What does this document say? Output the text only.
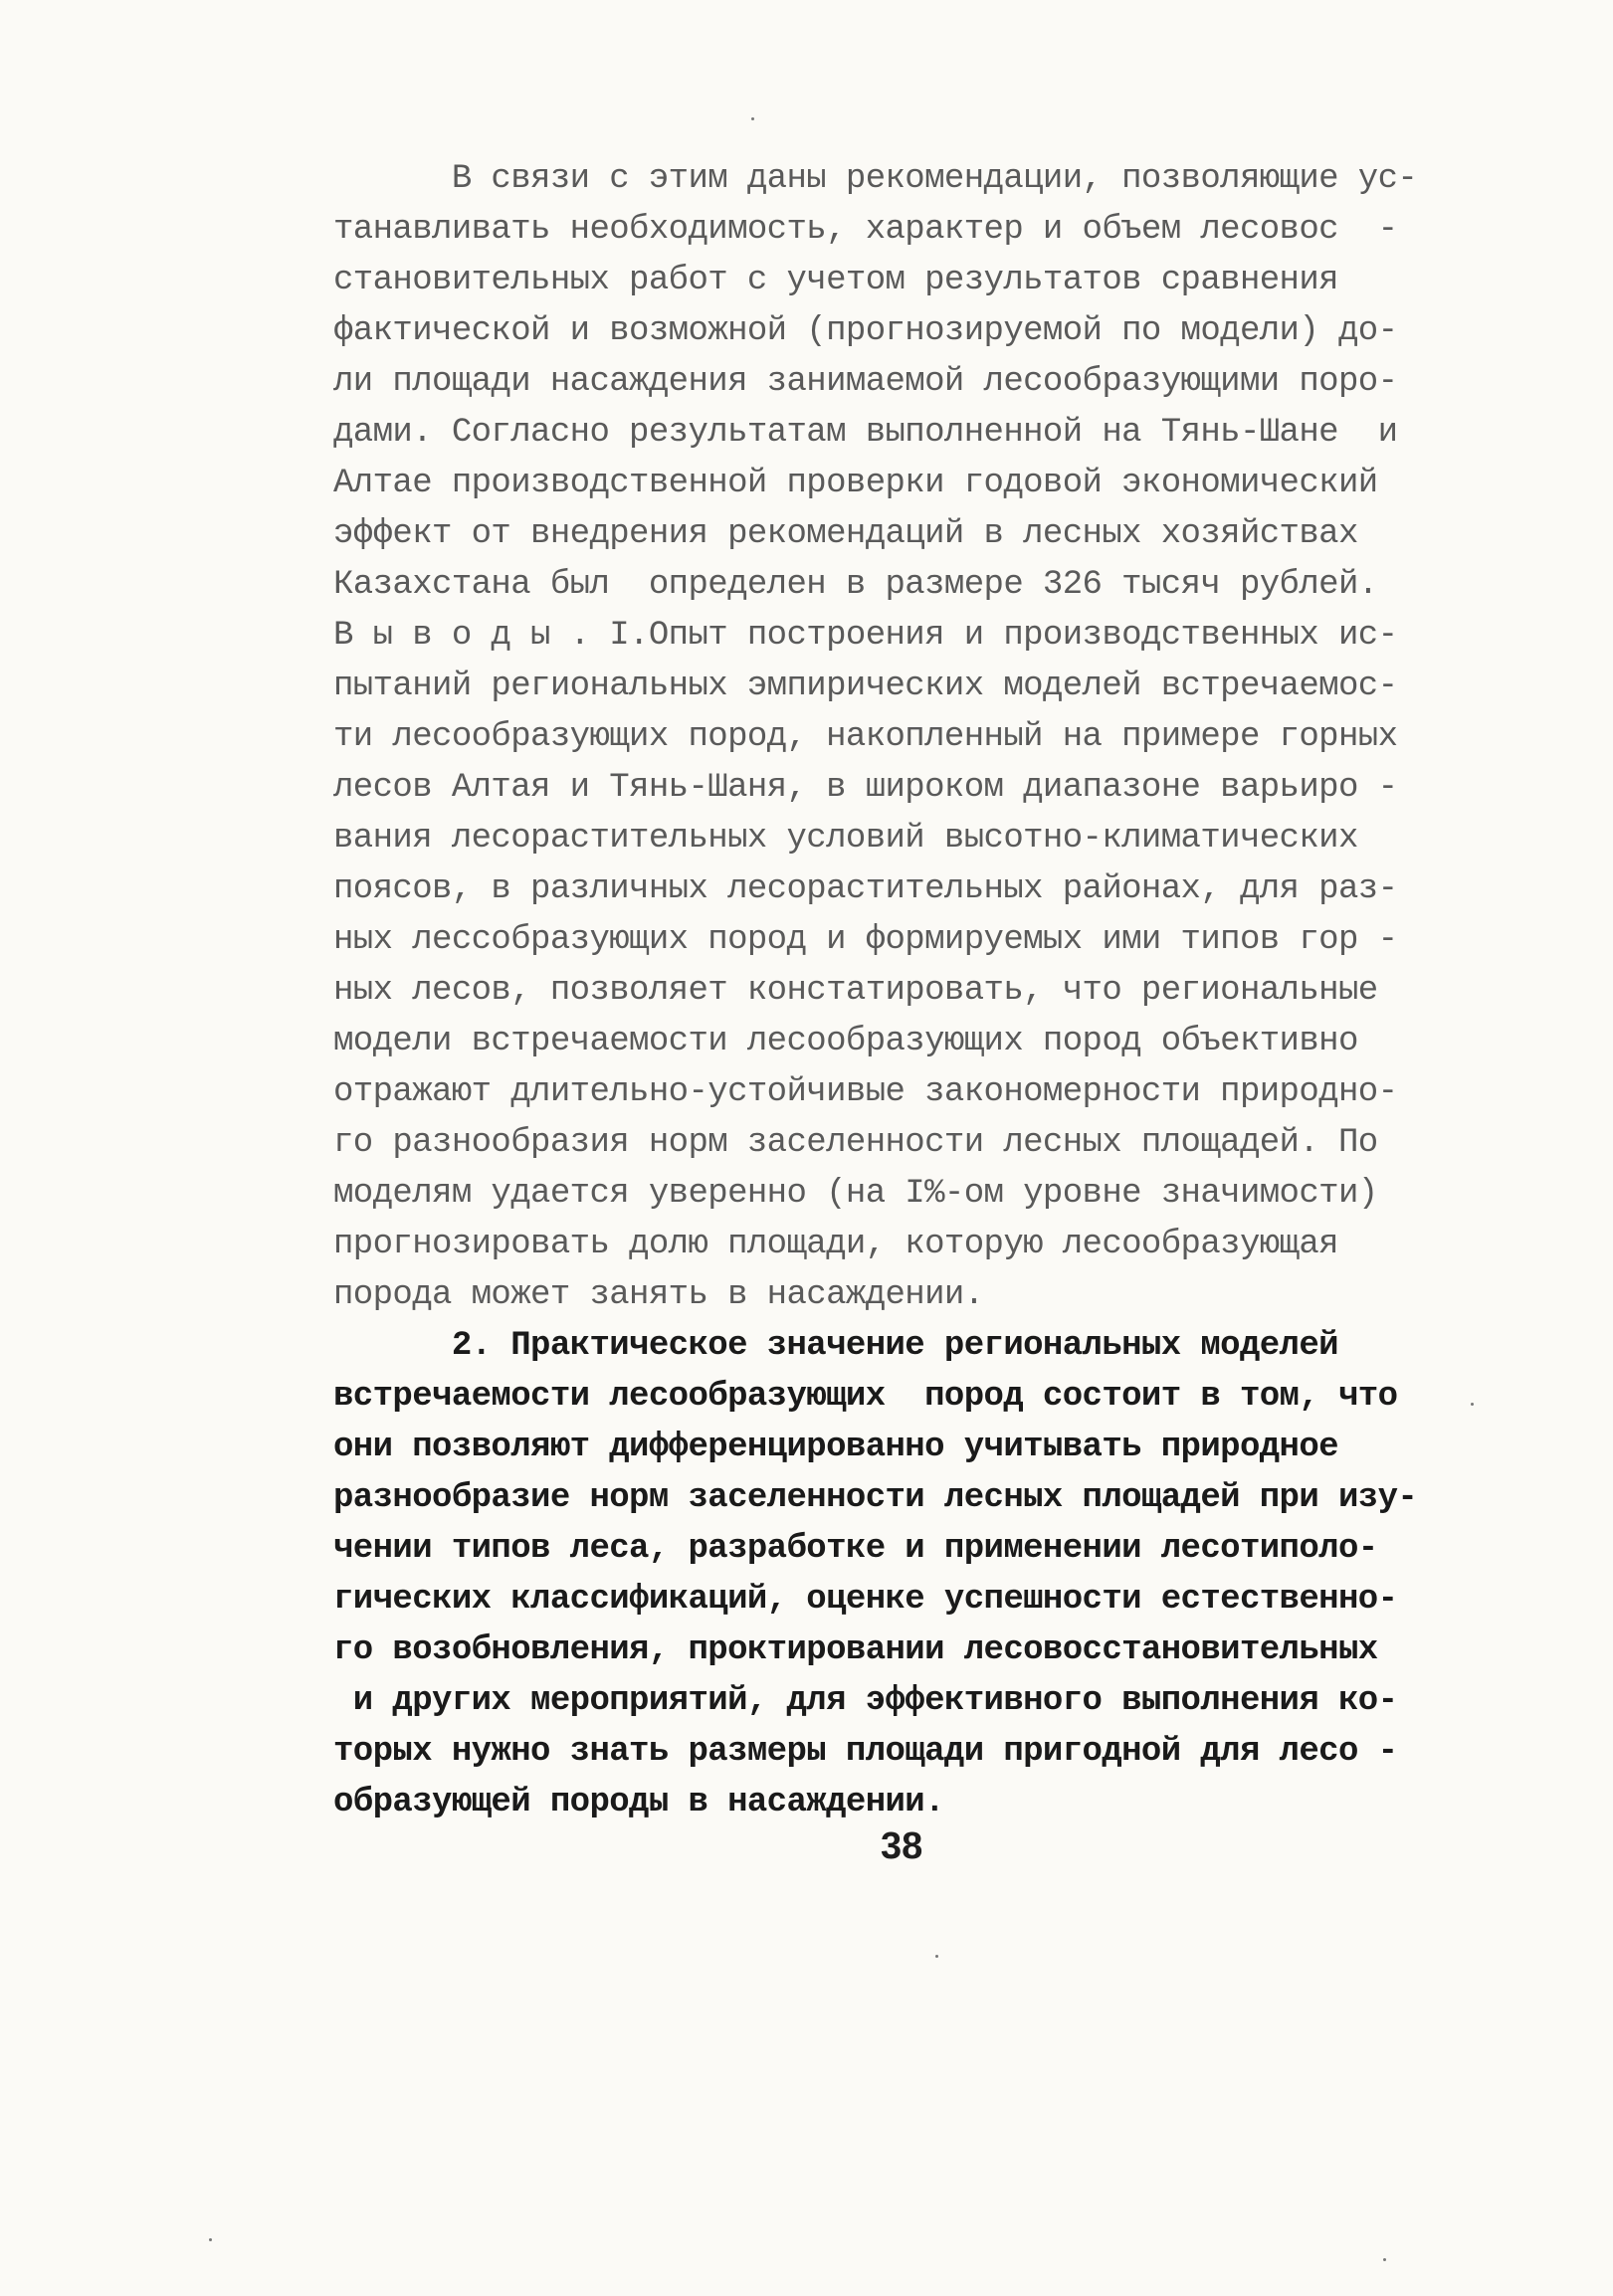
В связи с этим даны рекомендации, позволяющие ус-
танавливать необходимость, характер и объем лесовос  -
становительных работ с учетом результатов сравнения
фактической и возможной (прогнозируемой по модели) до-
ли площади насаждения занимаемой лесообразующими поро-
дами. Согласно результатам выполненной на Тянь-Шане  и
Алтае производственной проверки годовой экономический
эффект от внедрения рекомендаций в лесных хозяйствах
Казахстана был  определен в размере 326 тысяч рублей.
В ы в о д ы . I.Опыт построения и производственных ис-
пытаний региональных эмпирических моделей встречаемос-
ти лесообразующих пород, накопленный на примере горных
лесов Алтая и Тянь-Шаня, в широком диапазоне варьиро -
вания лесорастительных условий высотно-климатических
поясов, в различных лесорастительных районах, для раз-
ных лессобразующих пород и формируемых ими типов гор -
ных лесов, позволяет констатировать, что региональные
модели встречаемости лесообразующих пород объективно
отражают длительно-устойчивые закономерности природно-
го разнообразия норм заселенности лесных площадей. По
моделям удается уверенно (на I%-ом уровне значимости)
прогнозировать долю площади, которую лесообразующая
порода может занять в насаждении.
2. Практическое значение региональных моделей
встречаемости лесообразующих  пород состоит в том, что
они позволяют дифференцированно учитывать природное
разнообразие норм заселенности лесных площадей при изу-
чении типов леса, разработке и применении лесотиполо-
гических классификаций, оценке успешности естественно-
го возобновления, проктировании лесовосстановительных
и других мероприятий, для эффективного выполнения ко-
торых нужно знать размеры площади пригодной для лесо -
образующей породы в насаждении.
38
